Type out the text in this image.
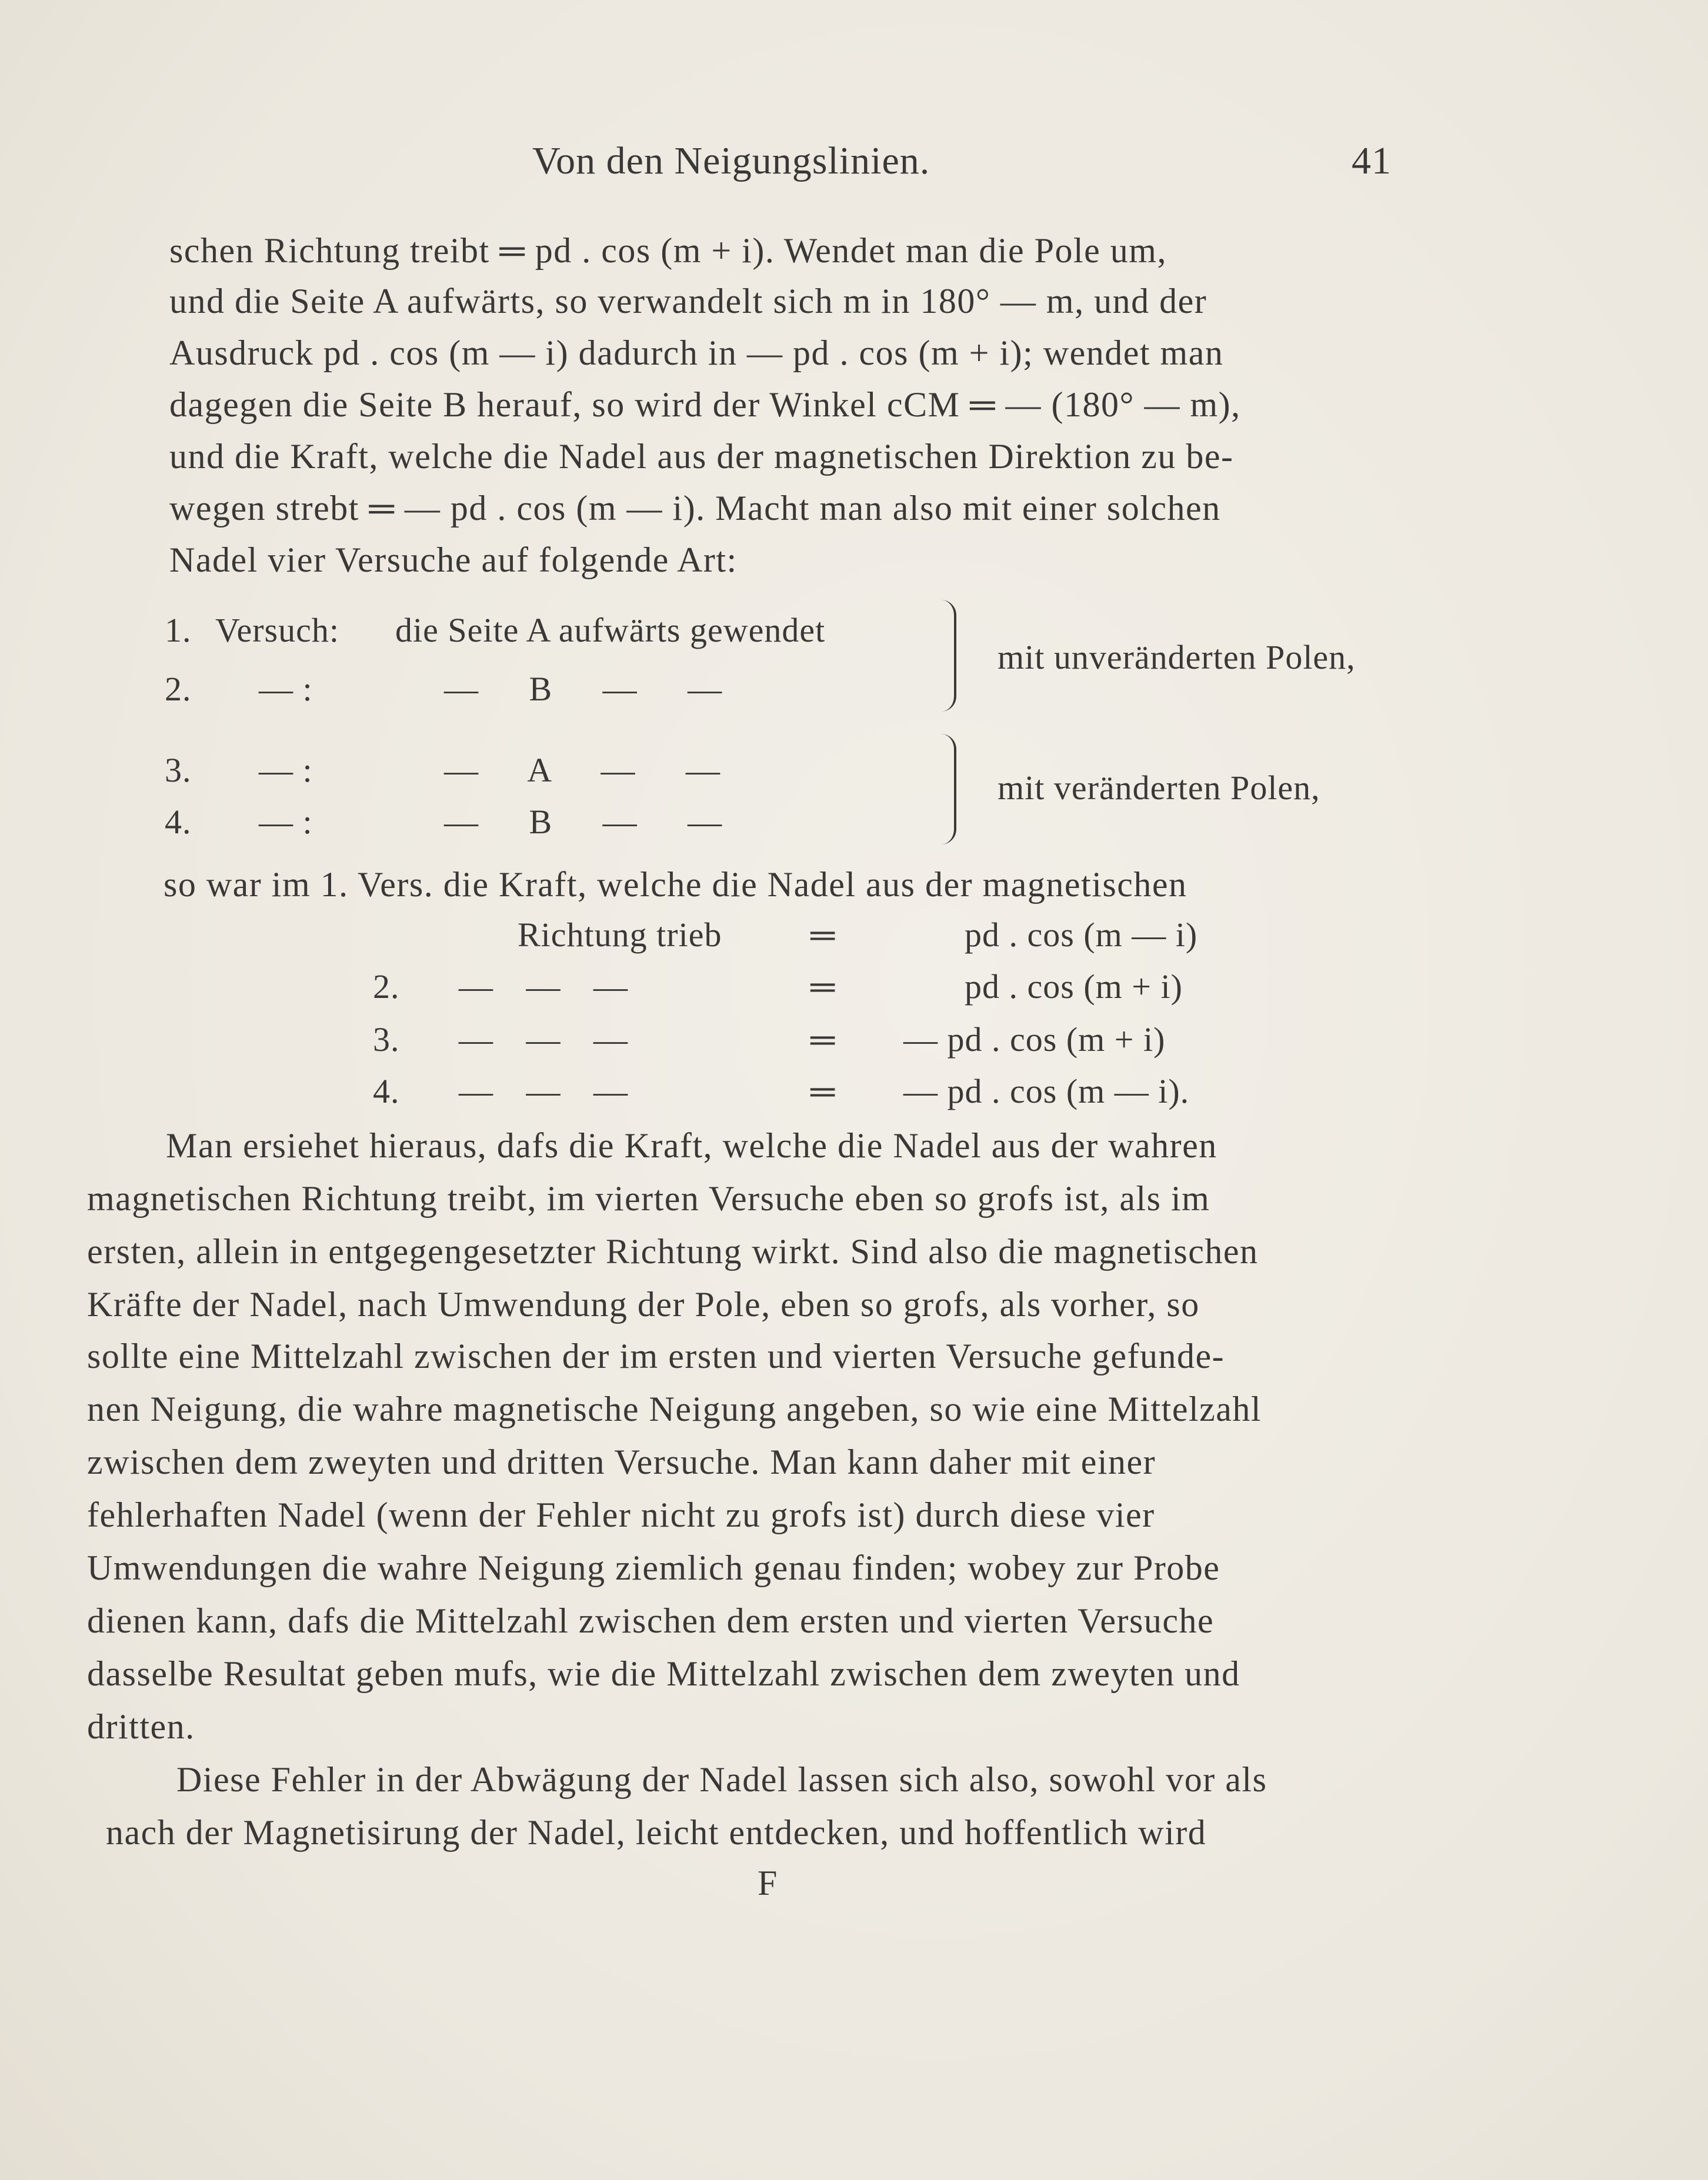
Von den Neigungslinien.	41
schen Richtung treibt ═ pd . cos (m + i). Wendet man die Pole um,
und die Seite A aufwärts, so verwandelt sich m in 180° — m, und der
Ausdruck pd . cos (m — i) dadurch in — pd . cos (m + i); wendet man
dagegen die Seite B herauf, so wird der Winkel cCM ═ — (180° — m),
und die Kraft, welche die Nadel aus der magnetischen Direktion zu be-
wegen strebt ═ — pd . cos (m — i). Macht man also mit einer solchen
Nadel vier Versuche auf folgende Art:
1. Versuch: die Seite A aufwärts gewendet
2. — :	— B — —
mit unveränderten Polen,
3. — :	— A — —
4. — :	— B — —
mit veränderten Polen,
so war im 1. Vers. die Kraft, welche die Nadel aus der magnetischen
Richtung trieb	═	pd . cos (m — i)
2. — — —	═	pd . cos (m + i)
3. — — —	═ — pd . cos (m + i)
4. — — —	═ — pd . cos (m — i).
Man ersiehet hieraus, dafs die Kraft, welche die Nadel aus der wahren
magnetischen Richtung treibt, im vierten Versuche eben so grofs ist, als im
ersten, allein in entgegengesetzter Richtung wirkt. Sind also die magnetischen
Kräfte der Nadel, nach Umwendung der Pole, eben so grofs, als vorher, so
sollte eine Mittelzahl zwischen der im ersten und vierten Versuche gefunde-
nen Neigung, die wahre magnetische Neigung angeben, so wie eine Mittelzahl
zwischen dem zweyten und dritten Versuche. Man kann daher mit einer
fehlerhaften Nadel (wenn der Fehler nicht zu grofs ist) durch diese vier
Umwendungen die wahre Neigung ziemlich genau finden; wobey zur Probe
dienen kann, dafs die Mittelzahl zwischen dem ersten und vierten Versuche
dasselbe Resultat geben mufs, wie die Mittelzahl zwischen dem zweyten und
dritten.
Diese Fehler in der Abwägung der Nadel lassen sich also, sowohl vor als
nach der Magnetisirung der Nadel, leicht entdecken, und hoffentlich wird
F
